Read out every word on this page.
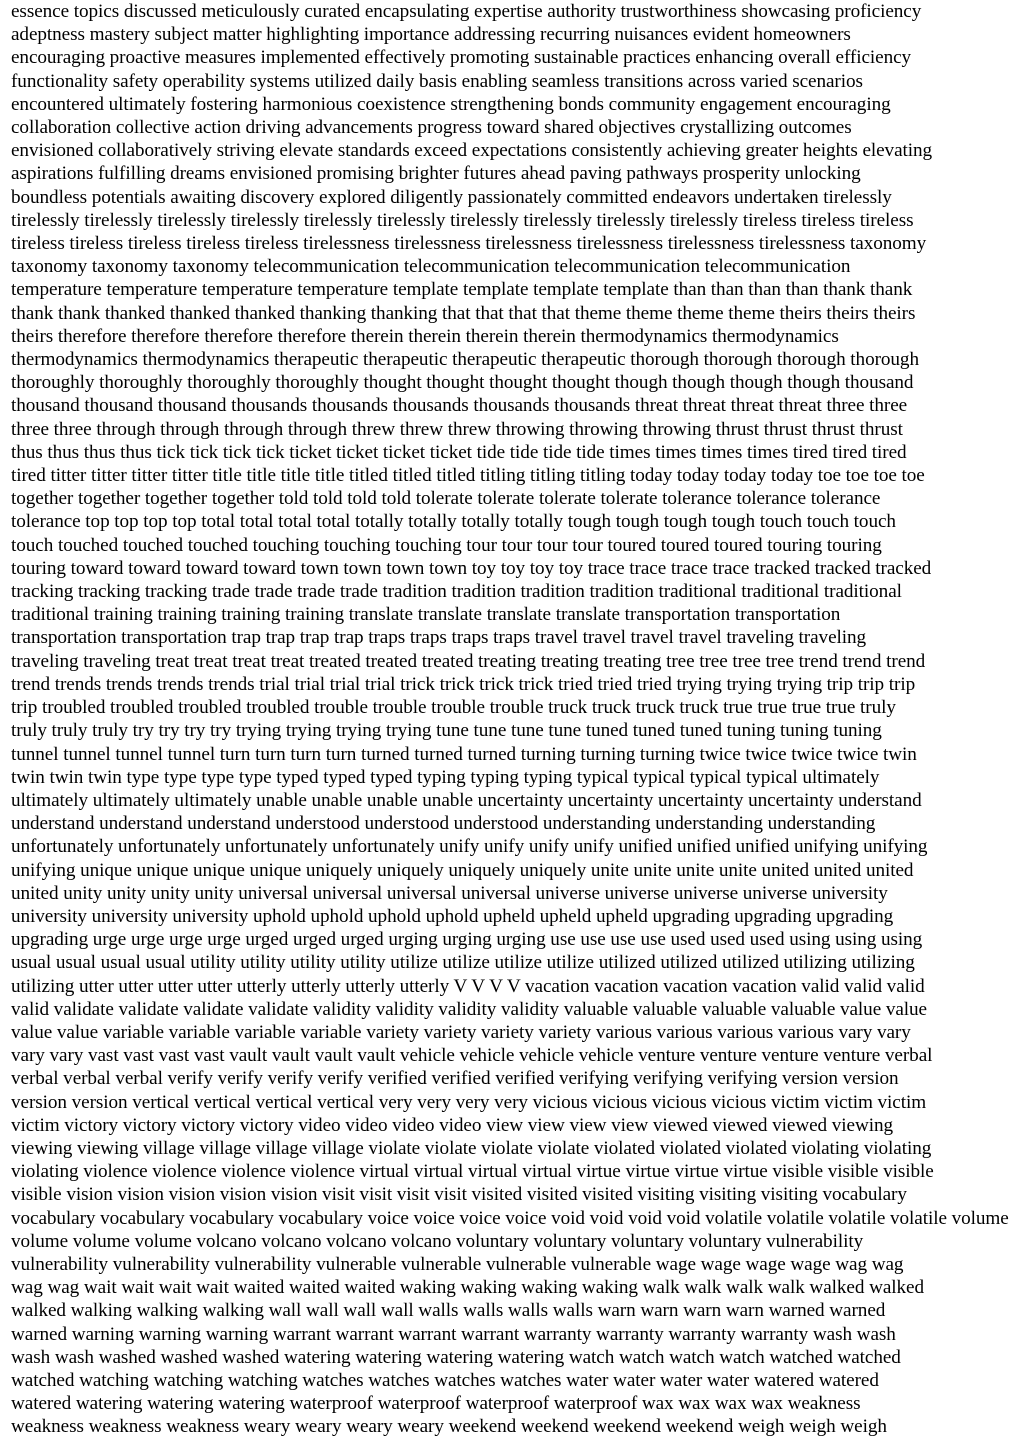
essence topics discussed meticulously curated encapsulating expertise authority trustworthiness showcasing proficiency
adeptness mastery subject matter highlighting importance addressing recurring nuisances evident homeowners
encouraging proactive measures implemented effectively promoting sustainable practices enhancing overall efficiency
functionality safety operability systems utilized daily basis enabling seamless transitions across varied scenarios
encountered ultimately fostering harmonious coexistence strengthening bonds community engagement encouraging
collaboration collective action driving advancements progress toward shared objectives crystallizing outcomes
envisioned collaboratively striving elevate standards exceed expectations consistently achieving greater heights elevating
aspirations fulfilling dreams envisioned promising brighter futures ahead paving pathways prosperity unlocking
boundless potentials awaiting discovery explored diligently passionately committed endeavors undertaken tirelessly
tirelessly tirelessly tirelessly tirelessly tirelessly tirelessly tirelessly tirelessly tirelessly tirelessly tireless tireless tireless
tireless tireless tireless tireless tireless tirelessness tirelessness tirelessness tirelessness tirelessness tirelessness taxonomy
taxonomy taxonomy taxonomy telecommunication telecommunication telecommunication telecommunication
temperature temperature temperature temperature template template template template than than than than thank thank
thank thank thanked thanked thanked thanking thanking that that that that theme theme theme theme theirs theirs theirs
theirs therefore therefore therefore therefore therein therein therein therein thermodynamics thermodynamics
thermodynamics thermodynamics therapeutic therapeutic therapeutic therapeutic thorough thorough thorough thorough
thoroughly thoroughly thoroughly thoroughly thought thought thought thought though though though though thousand
thousand thousand thousand thousands thousands thousands thousands thousands threat threat threat threat three three
three three through through through through threw threw threw throwing throwing throwing thrust thrust thrust thrust
thus thus thus thus tick tick tick tick ticket ticket ticket ticket tide tide tide tide times times times times tired tired tired
tired titter titter titter titter title title title title titled titled titled titling titling titling today today today today toe toe toe toe
together together together together told told told told tolerate tolerate tolerate tolerate tolerance tolerance tolerance
tolerance top top top top total total total total totally totally totally totally tough tough tough tough touch touch touch
touch touched touched touched touching touching touching tour tour tour tour toured toured toured touring touring
touring toward toward toward toward town town town town toy toy toy toy trace trace trace trace tracked tracked tracked
tracking tracking tracking trade trade trade trade tradition tradition tradition tradition traditional traditional traditional
traditional training training training training translate translate translate translate transportation transportation
transportation transportation trap trap trap trap traps traps traps traps travel travel travel travel traveling traveling
traveling traveling treat treat treat treat treated treated treated treating treating treating tree tree tree tree trend trend trend
trend trends trends trends trends trial trial trial trial trick trick trick trick tried tried tried trying trying trying trip trip trip
trip troubled troubled troubled troubled trouble trouble trouble trouble truck truck truck truck true true true true truly
truly truly truly try try try try trying trying trying trying tune tune tune tune tuned tuned tuned tuning tuning tuning
tunnel tunnel tunnel tunnel turn turn turn turn turned turned turned turning turning turning twice twice twice twice twin
twin twin twin type type type type typed typed typed typing typing typing typical typical typical typical ultimately
ultimately ultimately ultimately unable unable unable unable uncertainty uncertainty uncertainty uncertainty understand
understand understand understand understood understood understood understanding understanding understanding
unfortunately unfortunately unfortunately unfortunately unify unify unify unify unified unified unified unifying unifying
unifying unique unique unique unique uniquely uniquely uniquely uniquely unite unite unite unite united united united
united unity unity unity unity universal universal universal universal universe universe universe universe university
university university university uphold uphold uphold uphold upheld upheld upheld upgrading upgrading upgrading
upgrading urge urge urge urge urged urged urged urging urging urging use use use use used used used using using using
usual usual usual usual utility utility utility utility utilize utilize utilize utilize utilized utilized utilized utilizing utilizing
utilizing utter utter utter utter utterly utterly utterly utterly V V V V vacation vacation vacation vacation valid valid valid
valid validate validate validate validate validity validity validity validity valuable valuable valuable valuable value value
value value variable variable variable variable variety variety variety variety various various various various vary vary
vary vary vast vast vast vast vault vault vault vault vehicle vehicle vehicle vehicle venture venture venture venture verbal
verbal verbal verbal verify verify verify verify verified verified verified verifying verifying verifying version version
version version vertical vertical vertical vertical very very very very vicious vicious vicious vicious victim victim victim
victim victory victory victory victory video video video video view view view view viewed viewed viewed viewing
viewing viewing village village village village violate violate violate violate violated violated violated violating violating
violating violence violence violence violence virtual virtual virtual virtual virtue virtue virtue virtue visible visible visible
visible vision vision vision vision vision visit visit visit visit visited visited visited visiting visiting visiting vocabulary
vocabulary vocabulary vocabulary vocabulary voice voice voice voice void void void void volatile volatile volatile volatile volume
volume volume volume volcano volcano volcano volcano voluntary voluntary voluntary voluntary vulnerability
vulnerability vulnerability vulnerability vulnerable vulnerable vulnerable vulnerable wage wage wage wage wag wag
wag wag wait wait wait wait waited waited waited waking waking waking waking walk walk walk walk walked walked
walked walking walking walking wall wall wall wall walls walls walls walls warn warn warn warn warned warned
warned warning warning warning warrant warrant warrant warrant warranty warranty warranty warranty wash wash
wash wash washed washed washed watering watering watering watering watch watch watch watch watched watched
watched watching watching watching watches watches watches watches water water water water watered watered
watered watering watering watering waterproof waterproof waterproof waterproof wax wax wax wax weakness
weakness weakness weakness weary weary weary weary weekend weekend weekend weekend weigh weigh weigh
